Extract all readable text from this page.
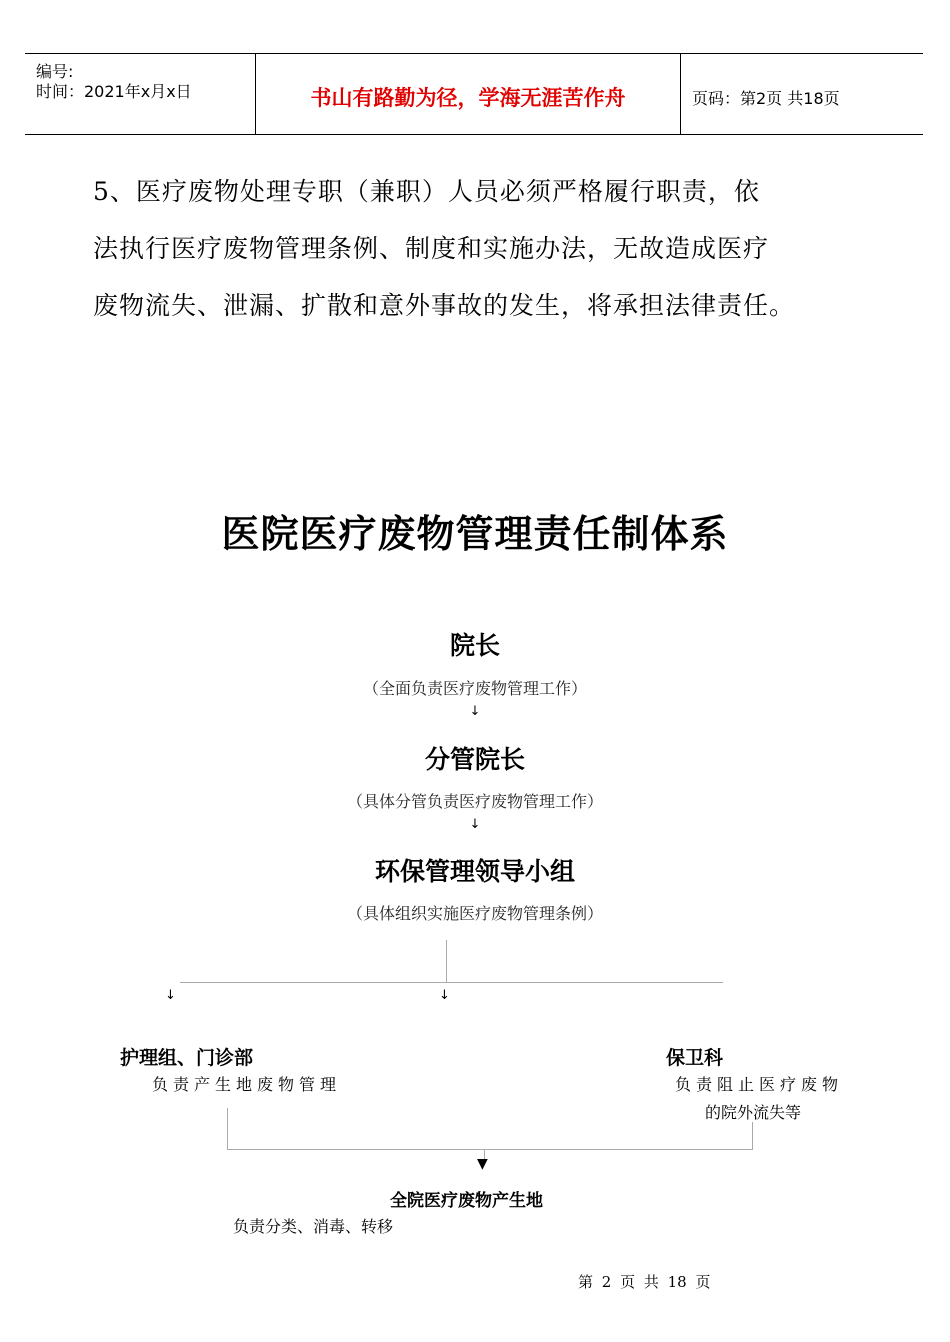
编号:
时间：2021年x月x日	书山有路勤为径，学海无涯苦作舟	页码：第2页 共18页
5、医疗废物处理专职（兼职）人员必须严格履行职责，依
法执行医疗废物管理条例、制度和实施办法，无故造成医疗
废物流失、泄漏、扩散和意外事故的发生，将承担法律责任。
医院医疗废物管理责任制体系
院长
（全面负责医疗废物管理工作）
↓
分管院长
（具体分管负责医疗废物管理工作）
↓
环保管理领导小组
（具体组织实施医疗废物管理条例）
↓	↓
护理组、门诊部
负责产生地废物管理
保卫科
负责阻止医疗废物
的院外流失等
▼
全院医疗废物产生地
负责分类、消毒、转移
第 2 页 共 18 页
